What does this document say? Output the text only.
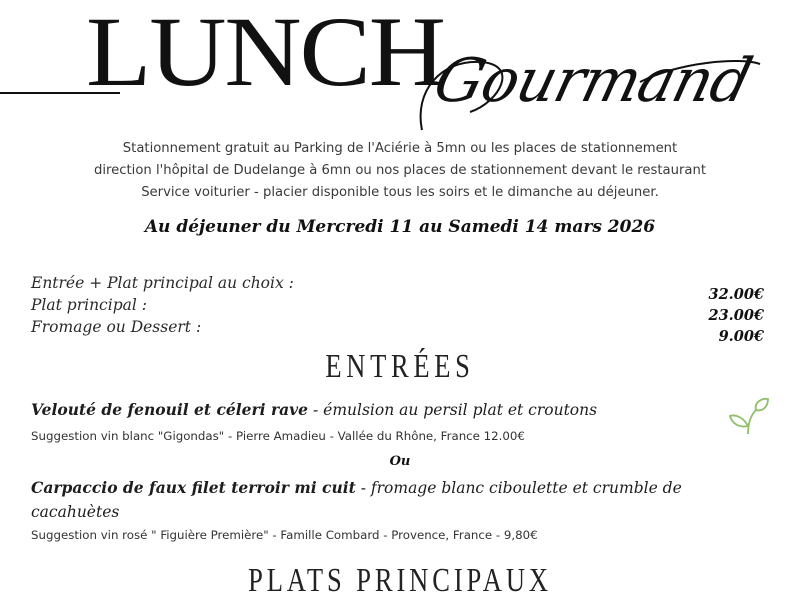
LUNCH
Gourmand
Stationnement gratuit au Parking de l'Aciérie à 5mn ou les places de stationnement
direction l'hôpital de Dudelange à 6mn ou nos places de stationnement devant le restaurant
Service voiturier - placier disponible tous les soirs et le dimanche au déjeuner.
Au déjeuner du Mercredi 11 au Samedi 14 mars 2026
Entrée + Plat principal au choix :
Plat principal :
Fromage ou Dessert :
32.00€
23.00€
9.00€
ENTRÉES
Velouté de fenouil et céleri rave - émulsion au persil plat et croutons
Suggestion vin blanc "Gigondas" - Pierre Amadieu - Vallée du Rhône, France 12.00€
Ou
Carpaccio de faux filet terroir mi cuit - fromage blanc ciboulette et crumble de cacahuètes
Suggestion vin rosé " Figuière Première" - Famille Combard - Provence, France - 9,80€
PLATS PRINCIPAUX
